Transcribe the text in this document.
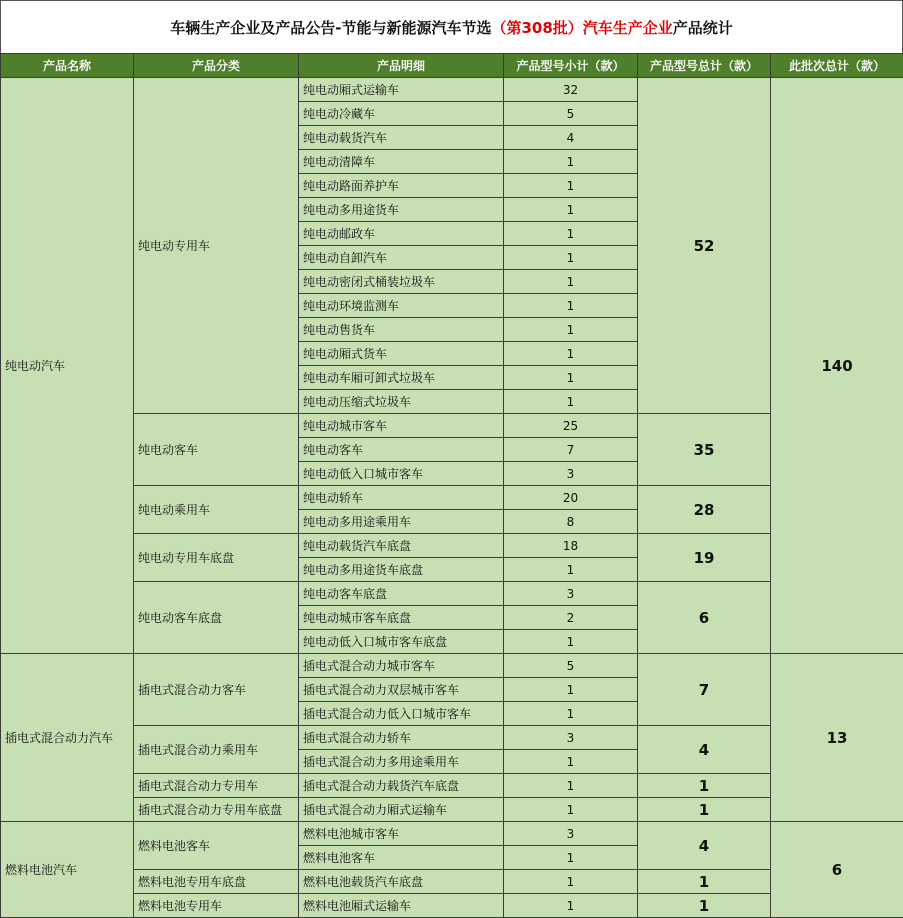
车辆生产企业及产品公告-节能与新能源汽车节选 （第308批）汽车生产企业 产品统计
产品名称	产品分类	产品明细	产品型号小计（款）	产品型号总计（款）	此批次总计（款）
纯电动汽车	纯电动专用车	纯电动厢式运输车	32	52	140
		纯电动冷藏车	5		
		纯电动载货汽车	4		
		纯电动清障车	1		
		纯电动路面养护车	1		
		纯电动多用途货车	1		
		纯电动邮政车	1		
		纯电动自卸汽车	1		
		纯电动密闭式桶装垃圾车	1		
		纯电动环境监测车	1		
		纯电动售货车	1		
		纯电动厢式货车	1		
		纯电动车厢可卸式垃圾车	1		
		纯电动压缩式垃圾车	1		
	纯电动客车	纯电动城市客车	25	35	
		纯电动客车	7		
		纯电动低入口城市客车	3		
	纯电动乘用车	纯电动轿车	20	28	
		纯电动多用途乘用车	8		
	纯电动专用车底盘	纯电动载货汽车底盘	18	19	
		纯电动多用途货车底盘	1		
	纯电动客车底盘	纯电动客车底盘	3	6	
		纯电动城市客车底盘	2		
		纯电动低入口城市客车底盘	1		
插电式混合动力汽车	插电式混合动力客车	插电式混合动力城市客车	5	7	13
		插电式混合动力双层城市客车	1		
		插电式混合动力低入口城市客车	1		
	插电式混合动力乘用车	插电式混合动力轿车	3	4	
		插电式混合动力多用途乘用车	1		
	插电式混合动力专用车	插电式混合动力载货汽车底盘	1	1	
	插电式混合动力专用车底盘	插电式混合动力厢式运输车	1	1	
燃料电池汽车	燃料电池客车	燃料电池城市客车	3	4	6
		燃料电池客车	1		
	燃料电池专用车底盘	燃料电池载货汽车底盘	1	1	
	燃料电池专用车	燃料电池厢式运输车	1	1	
